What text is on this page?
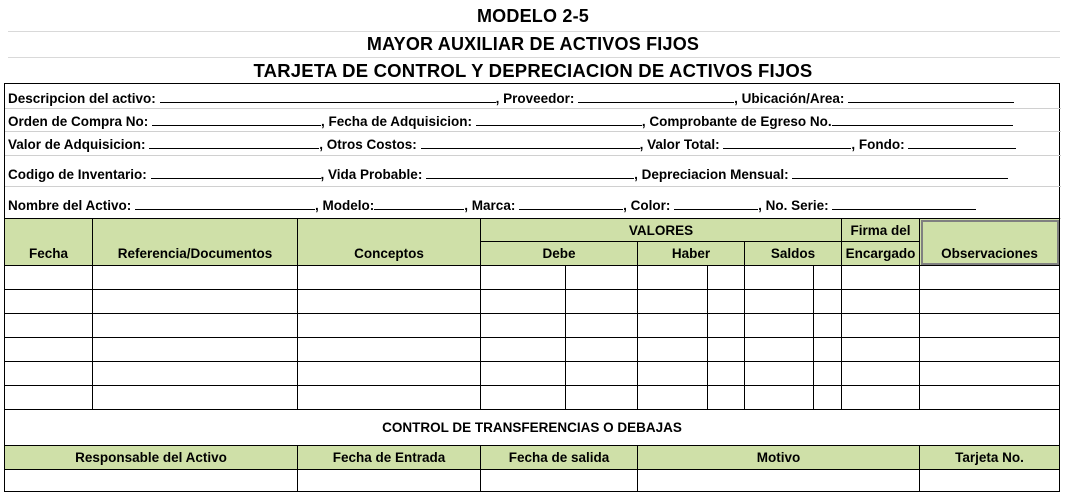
MODELO 2-5
MAYOR AUXILIAR DE ACTIVOS FIJOS
TARJETA DE CONTROL Y DEPRECIACION DE ACTIVOS FIJOS
Descripcion del activo:	, Proveedor:	, Ubicación/Area:
Orden de Compra No:	, Fecha de Adquisicion:	, Comprobante de Egreso No.
Valor de Adquisicion:	, Otros Costos:	, Valor Total:	, Fondo:
Codigo de Inventario:	, Vida Probable:	, Depreciacion Mensual:
Nombre del Activo:	, Modelo:	, Marca:	, Color:	, No. Serie:
Fecha	Referencia/Documentos	Conceptos	VALORES						Firma del	Observaciones
			Debe		Haber		Saldos		Encargado	

CONTROL DE TRANSFERENCIAS O DEBAJAS				
Responsable del Activo	Fecha de Entrada	Fecha de salida	Motivo	Tarjeta No.
